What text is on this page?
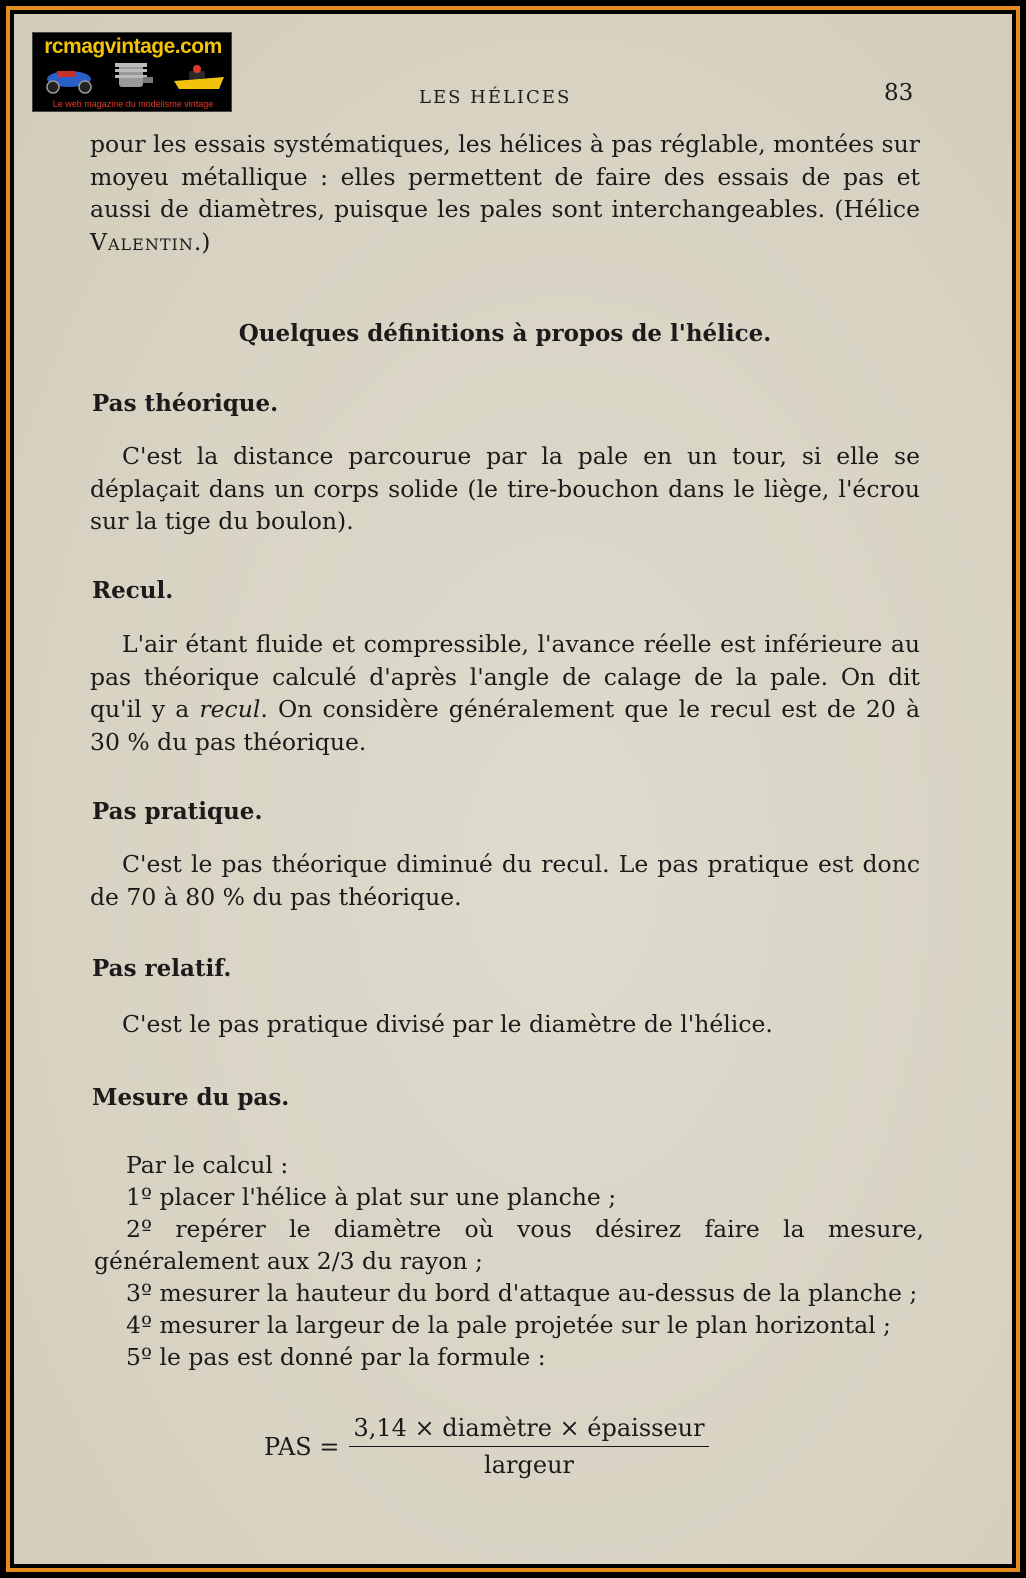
rcmagvintage.com
Le web magazine du modélisme vintage	LES HÉLICES	83

pour les essais systématiques, les hélices à pas réglable, montées sur moyeu métallique : elles permettent de faire des essais de pas et aussi de diamètres, puisque les pales sont interchangeables. (Hélice Valentin.)

Quelques définitions à propos de l'hélice.
Pas théorique.

C'est la distance parcourue par la pale en un tour, si elle se déplaçait dans un corps solide (le tire-bouchon dans le liège, l'écrou sur la tige du boulon).

Recul.

L'air étant fluide et compressible, l'avance réelle est inférieure au pas théorique calculé d'après l'angle de calage de la pale. On dit qu'il y a recul. On considère généralement que le recul est de 20 à 30 % du pas théorique.

Pas pratique.

C'est le pas théorique diminué du recul. Le pas pratique est donc de 70 à 80 % du pas théorique.

Pas relatif.

C'est le pas pratique divisé par le diamètre de l'hélice.

Mesure du pas.
Par le calcul :
1º placer l'hélice à plat sur une planche ;
2º repérer le diamètre où vous désirez faire la mesure, généralement aux 2/3 du rayon ;
3º mesurer la hauteur du bord d'attaque au-dessus de la planche ;
4º mesurer la largeur de la pale projetée sur le plan horizontal ;
5º le pas est donné par la formule :
PAS = $\frac{\text{3,14 × diamètre × épaisseur}}{\text{largeur}}$
